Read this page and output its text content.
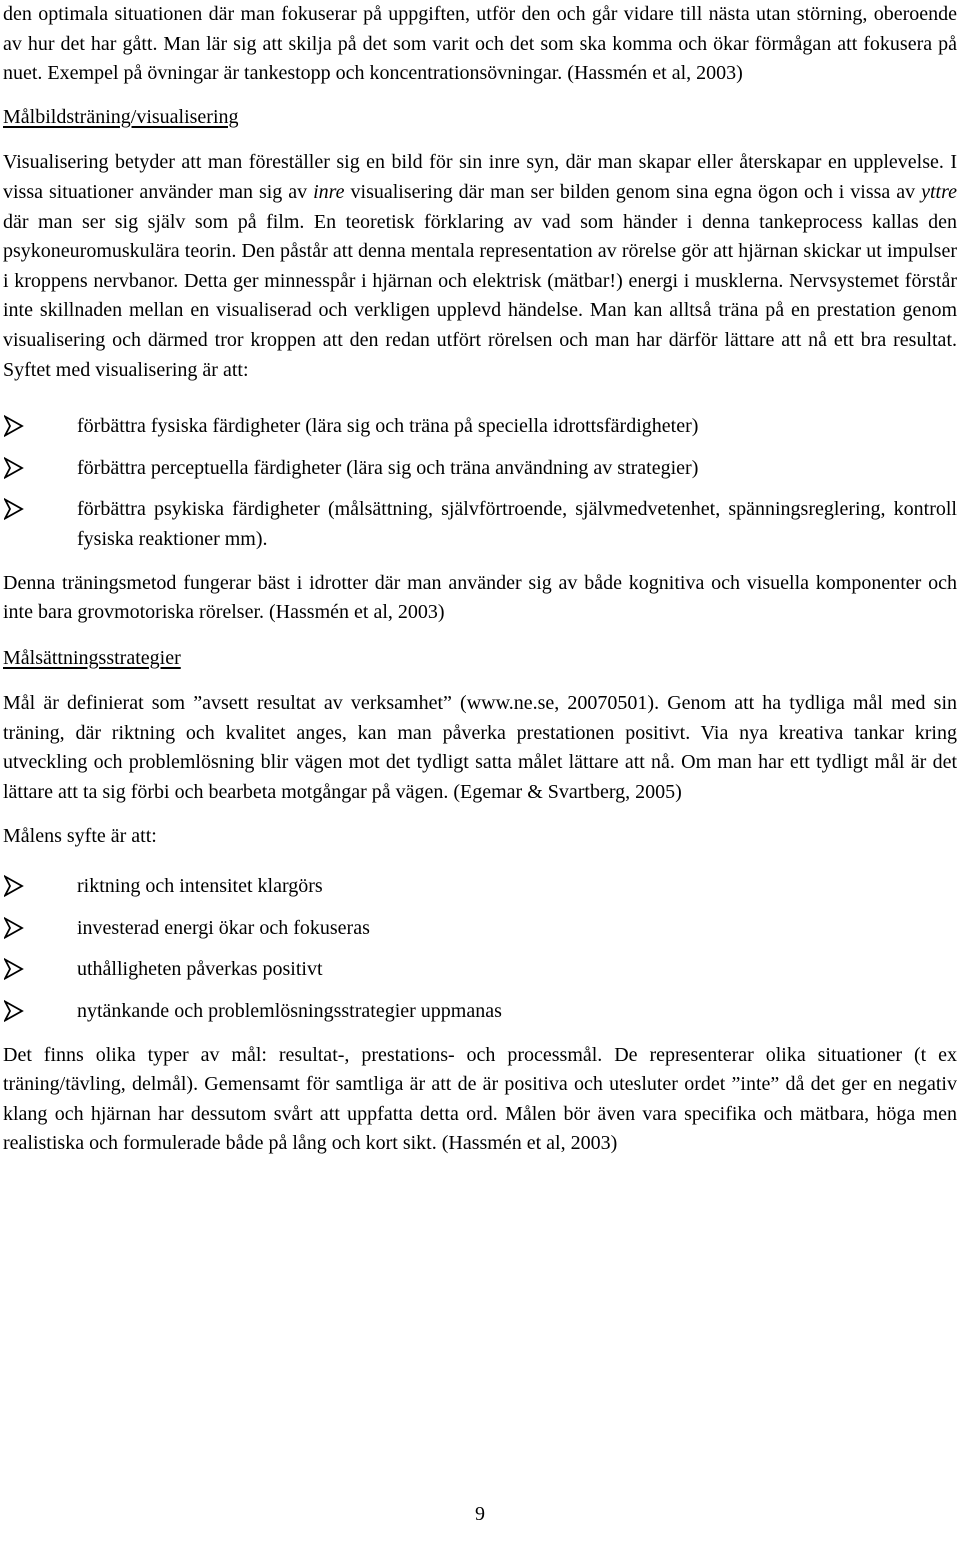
den optimala situationen där man fokuserar på uppgiften, utför den och går vidare till nästa utan störning, oberoende av hur det har gått. Man lär sig att skilja på det som varit och det som ska komma och ökar förmågan att fokusera på nuet. Exempel på övningar är tankestopp och koncentrationsövningar. (Hassmén et al, 2003)

Målbildsträning/visualisering

Visualisering betyder att man föreställer sig en bild för sin inre syn, där man skapar eller återskapar en upplevelse. I vissa situationer använder man sig av inre visualisering där man ser bilden genom sina egna ögon och i vissa av yttre där man ser sig själv som på film. En teoretisk förklaring av vad som händer i denna tankeprocess kallas den psykoneuromuskulära teorin. Den påstår att denna mentala representation av rörelse gör att hjärnan skickar ut impulser i kroppens nervbanor. Detta ger minnesspår i hjärnan och elektrisk (mätbar!) energi i musklerna. Nervsystemet förstår inte skillnaden mellan en visualiserad och verkligen upplevd händelse. Man kan alltså träna på en prestation genom visualisering och därmed tror kroppen att den redan utfört rörelsen och man har därför lättare att nå ett bra resultat. Syftet med visualisering är att:

förbättra fysiska färdigheter (lära sig och träna på speciella idrottsfärdigheter)
förbättra perceptuella färdigheter (lära sig och träna användning av strategier)
förbättra psykiska färdigheter (målsättning, självförtroende, självmedvetenhet, spänningsreglering, kontroll fysiska reaktioner mm).

Denna träningsmetod fungerar bäst i idrotter där man använder sig av både kognitiva och visuella komponenter och inte bara grovmotoriska rörelser. (Hassmén et al, 2003)

Målsättningsstrategier

Mål är definierat som ”avsett resultat av verksamhet” (www.ne.se, 20070501). Genom att ha tydliga mål med sin träning, där riktning och kvalitet anges, kan man påverka prestationen positivt. Via nya kreativa tankar kring utveckling och problemlösning blir vägen mot det tydligt satta målet lättare att nå. Om man har ett tydligt mål är det lättare att ta sig förbi och bearbeta motgångar på vägen. (Egemar & Svartberg, 2005)

Målens syfte är att:

riktning och intensitet klargörs
investerad energi ökar och fokuseras
uthålligheten påverkas positivt
nytänkande och problemlösningsstrategier uppmanas

Det finns olika typer av mål: resultat-, prestations- och processmål. De representerar olika situationer (t ex träning/tävling, delmål). Gemensamt för samtliga är att de är positiva och utesluter ordet ”inte” då det ger en negativ klang och hjärnan har dessutom svårt att uppfatta detta ord. Målen bör även vara specifika och mätbara, höga men realistiska och formulerade både på lång och kort sikt. (Hassmén et al, 2003)

9
